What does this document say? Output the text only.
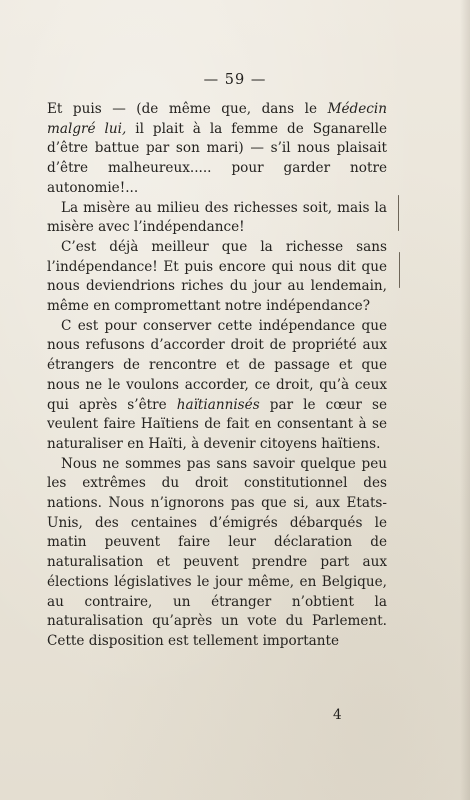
— 59 —

Et puis — (de même que, dans le Médecin malgré lui, il plait à la femme de Sganarelle d’être battue par son mari) — s’il nous plaisait d’être malheureux..... pour garder notre autonomie!...

La misère au milieu des richesses soit, mais la misère avec l’indépendance!

C’est déjà meilleur que la richesse sans l’indépendance! Et puis encore qui nous dit que nous deviendrions riches du jour au lendemain, même en compromettant notre indépendance?

C est pour conserver cette indépendance que nous refusons d’accorder droit de propriété aux étrangers de rencontre et de passage et que nous ne le voulons accorder, ce droit, qu’à ceux qui après s’être haïtiannisés par le cœur se veulent faire Haïtiens de fait en consentant à se naturaliser en Haïti, à devenir citoyens haïtiens.

Nous ne sommes pas sans savoir quelque peu les extrêmes du droit constitutionnel des nations. Nous n’ignorons pas que si, aux Etats-Unis, des centaines d’émigrés débarqués le matin peuvent faire leur déclaration de naturalisation et peuvent prendre part aux élections législatives le jour même, en Belgique, au contraire, un étranger n’obtient la naturalisation qu’après un vote du Parlement. Cette disposition est tellement importante

4
